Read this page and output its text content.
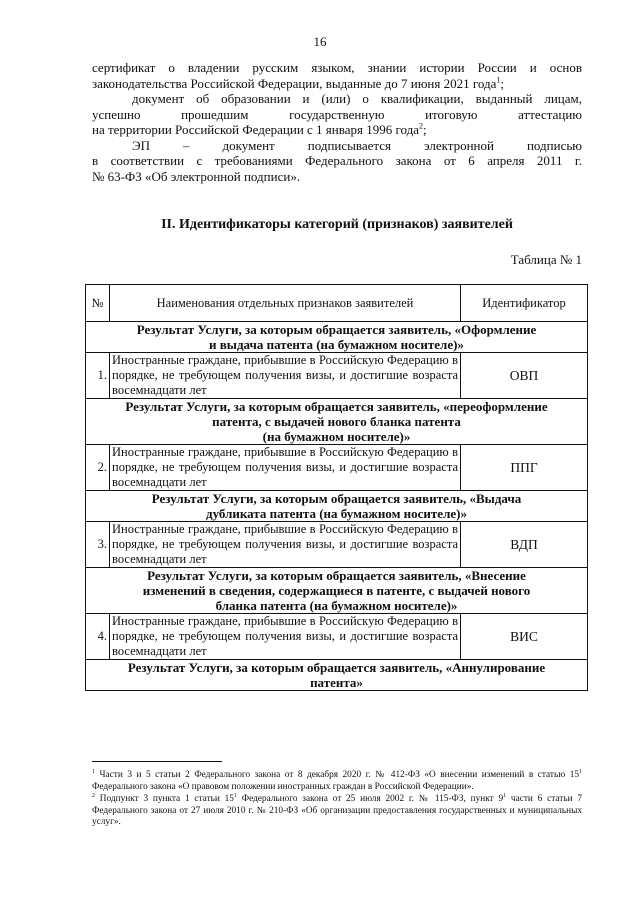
16

сертификат о владении русским языком, знании истории России и основ

законодательства Российской Федерации, выданные до 7 июня 2021 года$^1$;

документ об образовании и (или) о квалификации, выданный лицам,

успешно прошедшим государственную итоговую аттестацию

на территории Российской Федерации с 1 января 1996 года$^2$;

ЭП – документ подписывается электронной подписью

в соответствии с требованиями Федерального закона от 6 апреля 2011 г.

№ 63-ФЗ «Об электронной подписи».

II. Идентификаторы категорий (признаков) заявителей
Таблица № 1
№	Наименования отдельных признаков заявителей	Идентификатор

Результат Услуги, за которым обращается заявитель, «Оформление
и выдача патента (на бумажном носителе)»		

1.	Иностранные граждане, прибывшие в Российскую Федерацию в порядке, не требующем получения визы, и достигшие возраста восемнадцати лет	ОВП

Результат Услуги, за которым обращается заявитель, «переоформление
патента, с выдачей нового бланка патента
(на бумажном носителе)»		

2.	Иностранные граждане, прибывшие в Российскую Федерацию в порядке, не требующем получения визы, и достигшие возраста восемнадцати лет	ППГ

Результат Услуги, за которым обращается заявитель, «Выдача
дубликата патента (на бумажном носителе)»		

3.	Иностранные граждане, прибывшие в Российскую Федерацию в порядке, не требующем получения визы, и достигшие возраста восемнадцати лет	ВДП

Результат Услуги, за которым обращается заявитель, «Внесение
изменений в сведения, содержащиеся в патенте, с выдачей нового
бланка патента (на бумажном носителе)»		

4.	Иностранные граждане, прибывшие в Российскую Федерацию в порядке, не требующем получения визы, и достигшие возраста восемнадцати лет	ВИС

Результат Услуги, за которым обращается заявитель, «Аннулирование
патента»		

$^1$ Части 3 и 5 статьи 2 Федерального закона от 8 декабря 2020 г. № 412-ФЗ «О внесении изменений в статью $15^1$ Федерального закона «О правовом положении иностранных граждан в Российской Федерации».

$^2$ Подпункт 3 пункта 1 статьи $15^1$ Федерального закона от 25 июля 2002 г. № 115-ФЗ, пункт $9^1$ части 6 статьи 7 Федерального закона от 27 июля 2010 г. № 210-ФЗ «Об организации предоставления государственных и муниципальных услуг».
